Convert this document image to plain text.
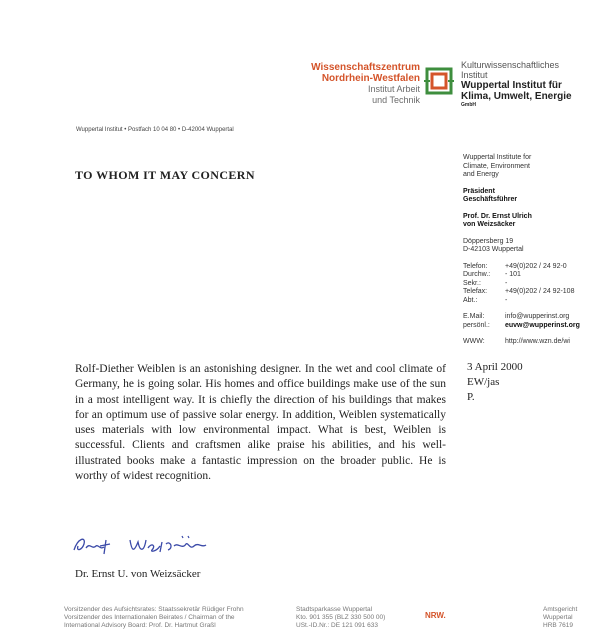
Wissenschaftszentrum
Nordrhein-Westfalen
Institut Arbeit
und Technik
Kulturwissenschaftliches
Institut
Wuppertal Institut für
Klima, Umwelt, Energie
GmbH
Wuppertal Institut • Postfach 10 04 80 • D-42004 Wuppertal
TO WHOM IT MAY CONCERN
Wuppertal Institute for
Climate, Environment
and Energy
Präsident
Geschäftsführer
Prof. Dr. Ernst Ulrich
von Weizsäcker
Döppersberg 19
D-42103 Wuppertal
Telefon:	+49(0)202 / 24 92-0
Durchw.:	- 101
Sekr.:	-
Telefax:	+49(0)202 / 24 92-108
Abt.:	-
E.Mail:	info@wupperinst.org
persönl.:	euvw@wupperinst.org
WWW:	http://www.wzn.de/wi
3 April 2000
EW/jas
P.
Rolf-Diether Weiblen is an astonishing designer. In the wet and cool climate of Germany, he is going solar. His homes and office buildings make use of the sun in a most intelligent way. It is chiefly the direction of his buildings that makes for an optimum use of passive solar energy. In addition, Weiblen systematically uses materials with low environmental impact. What is best, Weiblen is successful. Clients and craftsmen alike praise his abilities, and his well-illustrated books make a fantastic impression on the broader public. He is worthy of widest recognition.
Dr. Ernst U. von Weizsäcker
Vorsitzender des Aufsichtsrates: Staatssekretär Rüdiger Frohn
Vorsitzender des Internationalen Beirates / Chairman of the
International Advisory Board: Prof. Dr. Hartmut Graßl
Stadtsparkasse Wuppertal
Kto. 901 355 (BLZ 330 500 00)
USt.-ID.Nr.: DE 121 091 633
NRW.
Amtsgericht
Wuppertal
HRB 7619
